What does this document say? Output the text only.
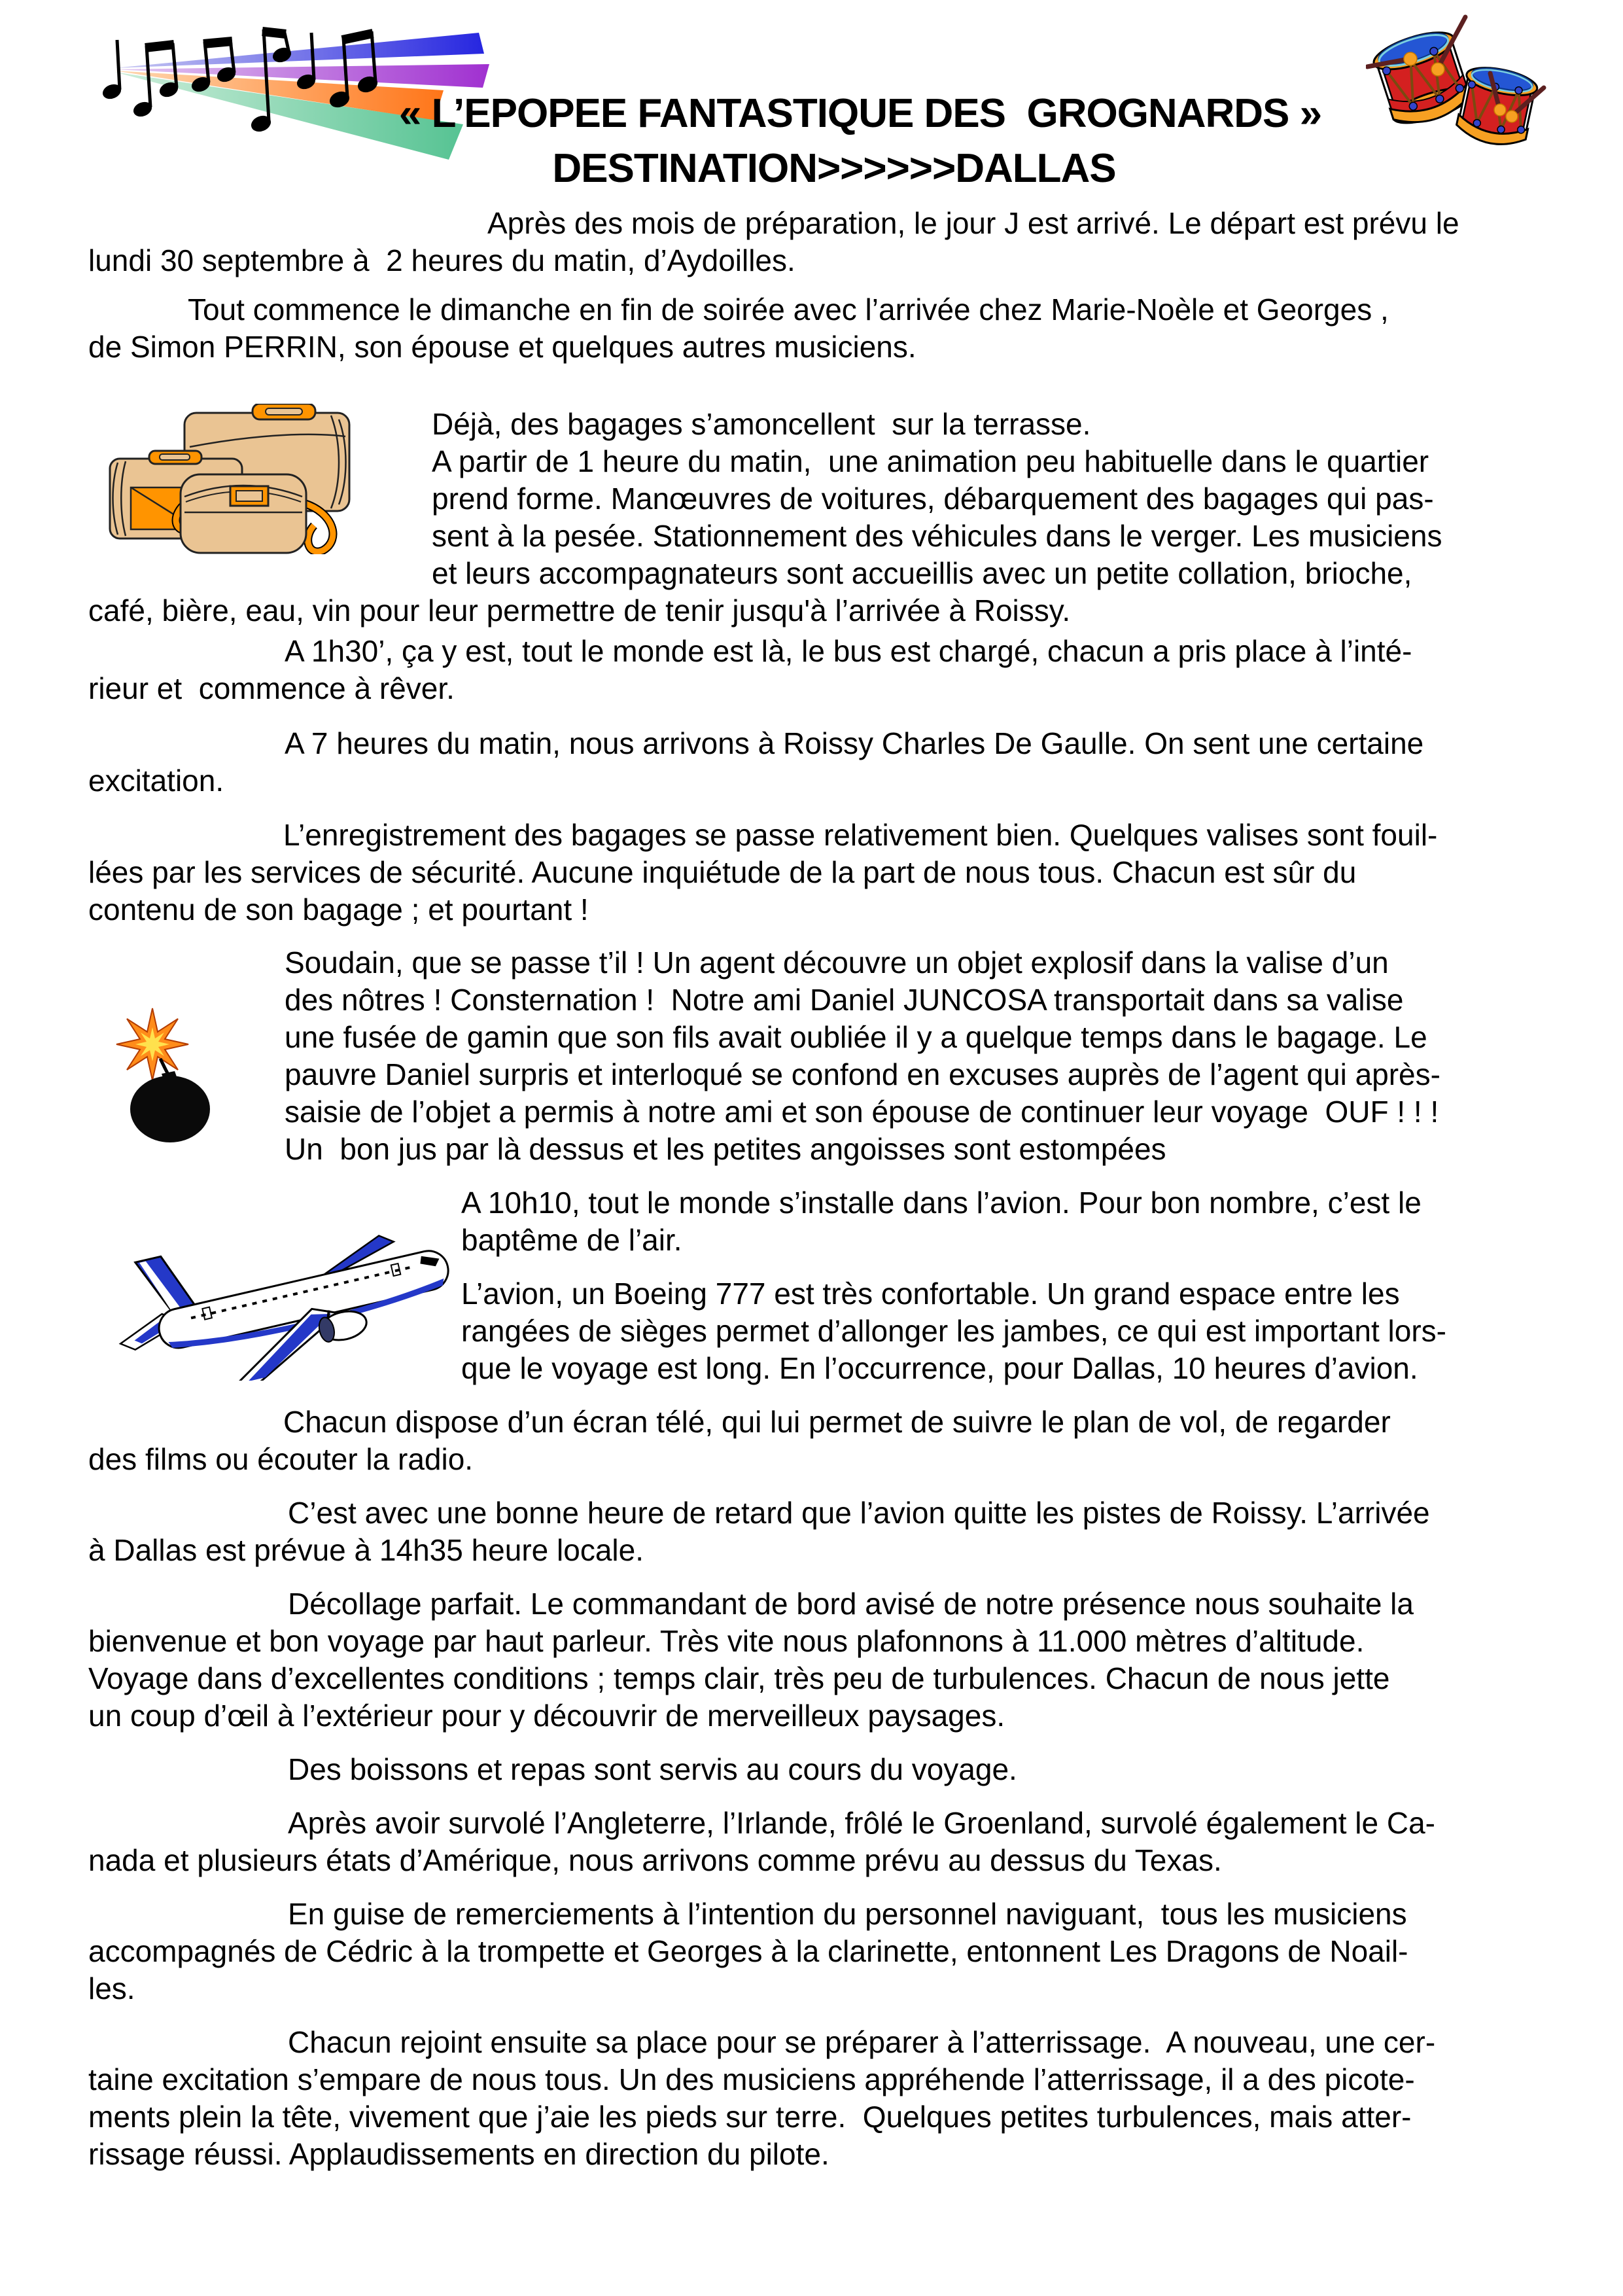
« L’EPOPEE FANTASTIQUE DES  GROGNARDS »
DESTINATION>>>>>>DALLAS
Après des mois de préparation, le jour J est arrivé. Le départ est prévu le
lundi 30 septembre à  2 heures du matin, d’Aydoilles.
Tout commence le dimanche en fin de soirée avec l’arrivée chez Marie-Noèle et Georges ,
de Simon PERRIN, son épouse et quelques autres musiciens.
Déjà, des bagages s’amoncellent  sur la terrasse.
A partir de 1 heure du matin,  une animation peu habituelle dans le quartier
prend forme. Manœuvres de voitures, débarquement des bagages qui pas-
sent à la pesée. Stationnement des véhicules dans le verger. Les musiciens
et leurs accompagnateurs sont accueillis avec un petite collation, brioche,
café, bière, eau, vin pour leur permettre de tenir jusqu'à l’arrivée à Roissy.
A 1h30’, ça y est, tout le monde est là, le bus est chargé, chacun a pris place à l’inté-
rieur et  commence à rêver.
A 7 heures du matin, nous arrivons à Roissy Charles De Gaulle. On sent une certaine
excitation.
L’enregistrement des bagages se passe relativement bien. Quelques valises sont fouil-
lées par les services de sécurité. Aucune inquiétude de la part de nous tous. Chacun est sûr du
contenu de son bagage ; et pourtant !
Soudain, que se passe t’il ! Un agent découvre un objet explosif dans la valise d’un
des nôtres ! Consternation !  Notre ami Daniel JUNCOSA transportait dans sa valise
une fusée de gamin que son fils avait oubliée il y a quelque temps dans le bagage. Le
pauvre Daniel surpris et interloqué se confond en excuses auprès de l’agent qui après-
saisie de l’objet a permis à notre ami et son épouse de continuer leur voyage  OUF ! ! !
Un  bon jus par là dessus et les petites angoisses sont estompées
A 10h10, tout le monde s’installe dans l’avion. Pour bon nombre, c’est le
baptême de l’air.
L’avion, un Boeing 777 est très confortable. Un grand espace entre les
rangées de sièges permet d’allonger les jambes, ce qui est important lors-
que le voyage est long. En l’occurrence, pour Dallas, 10 heures d’avion.
Chacun dispose d’un écran télé, qui lui permet de suivre le plan de vol, de regarder
des films ou écouter la radio.
C’est avec une bonne heure de retard que l’avion quitte les pistes de Roissy. L’arrivée
à Dallas est prévue à 14h35 heure locale.
Décollage parfait. Le commandant de bord avisé de notre présence nous souhaite la
bienvenue et bon voyage par haut parleur. Très vite nous plafonnons à 11.000 mètres d’altitude.
Voyage dans d’excellentes conditions ; temps clair, très peu de turbulences. Chacun de nous jette
un coup d’œil à l’extérieur pour y découvrir de merveilleux paysages.
Des boissons et repas sont servis au cours du voyage.
Après avoir survolé l’Angleterre, l’Irlande, frôlé le Groenland, survolé également le Ca-
nada et plusieurs états d’Amérique, nous arrivons comme prévu au dessus du Texas.
En guise de remerciements à l’intention du personnel naviguant,  tous les musiciens
accompagnés de Cédric à la trompette et Georges à la clarinette, entonnent Les Dragons de Noail-
les.
Chacun rejoint ensuite sa place pour se préparer à l’atterrissage.  A nouveau, une cer-
taine excitation s’empare de nous tous. Un des musiciens appréhende l’atterrissage, il a des picote-
ments plein la tête, vivement que j’aie les pieds sur terre.  Quelques petites turbulences, mais atter-
rissage réussi. Applaudissements en direction du pilote.
